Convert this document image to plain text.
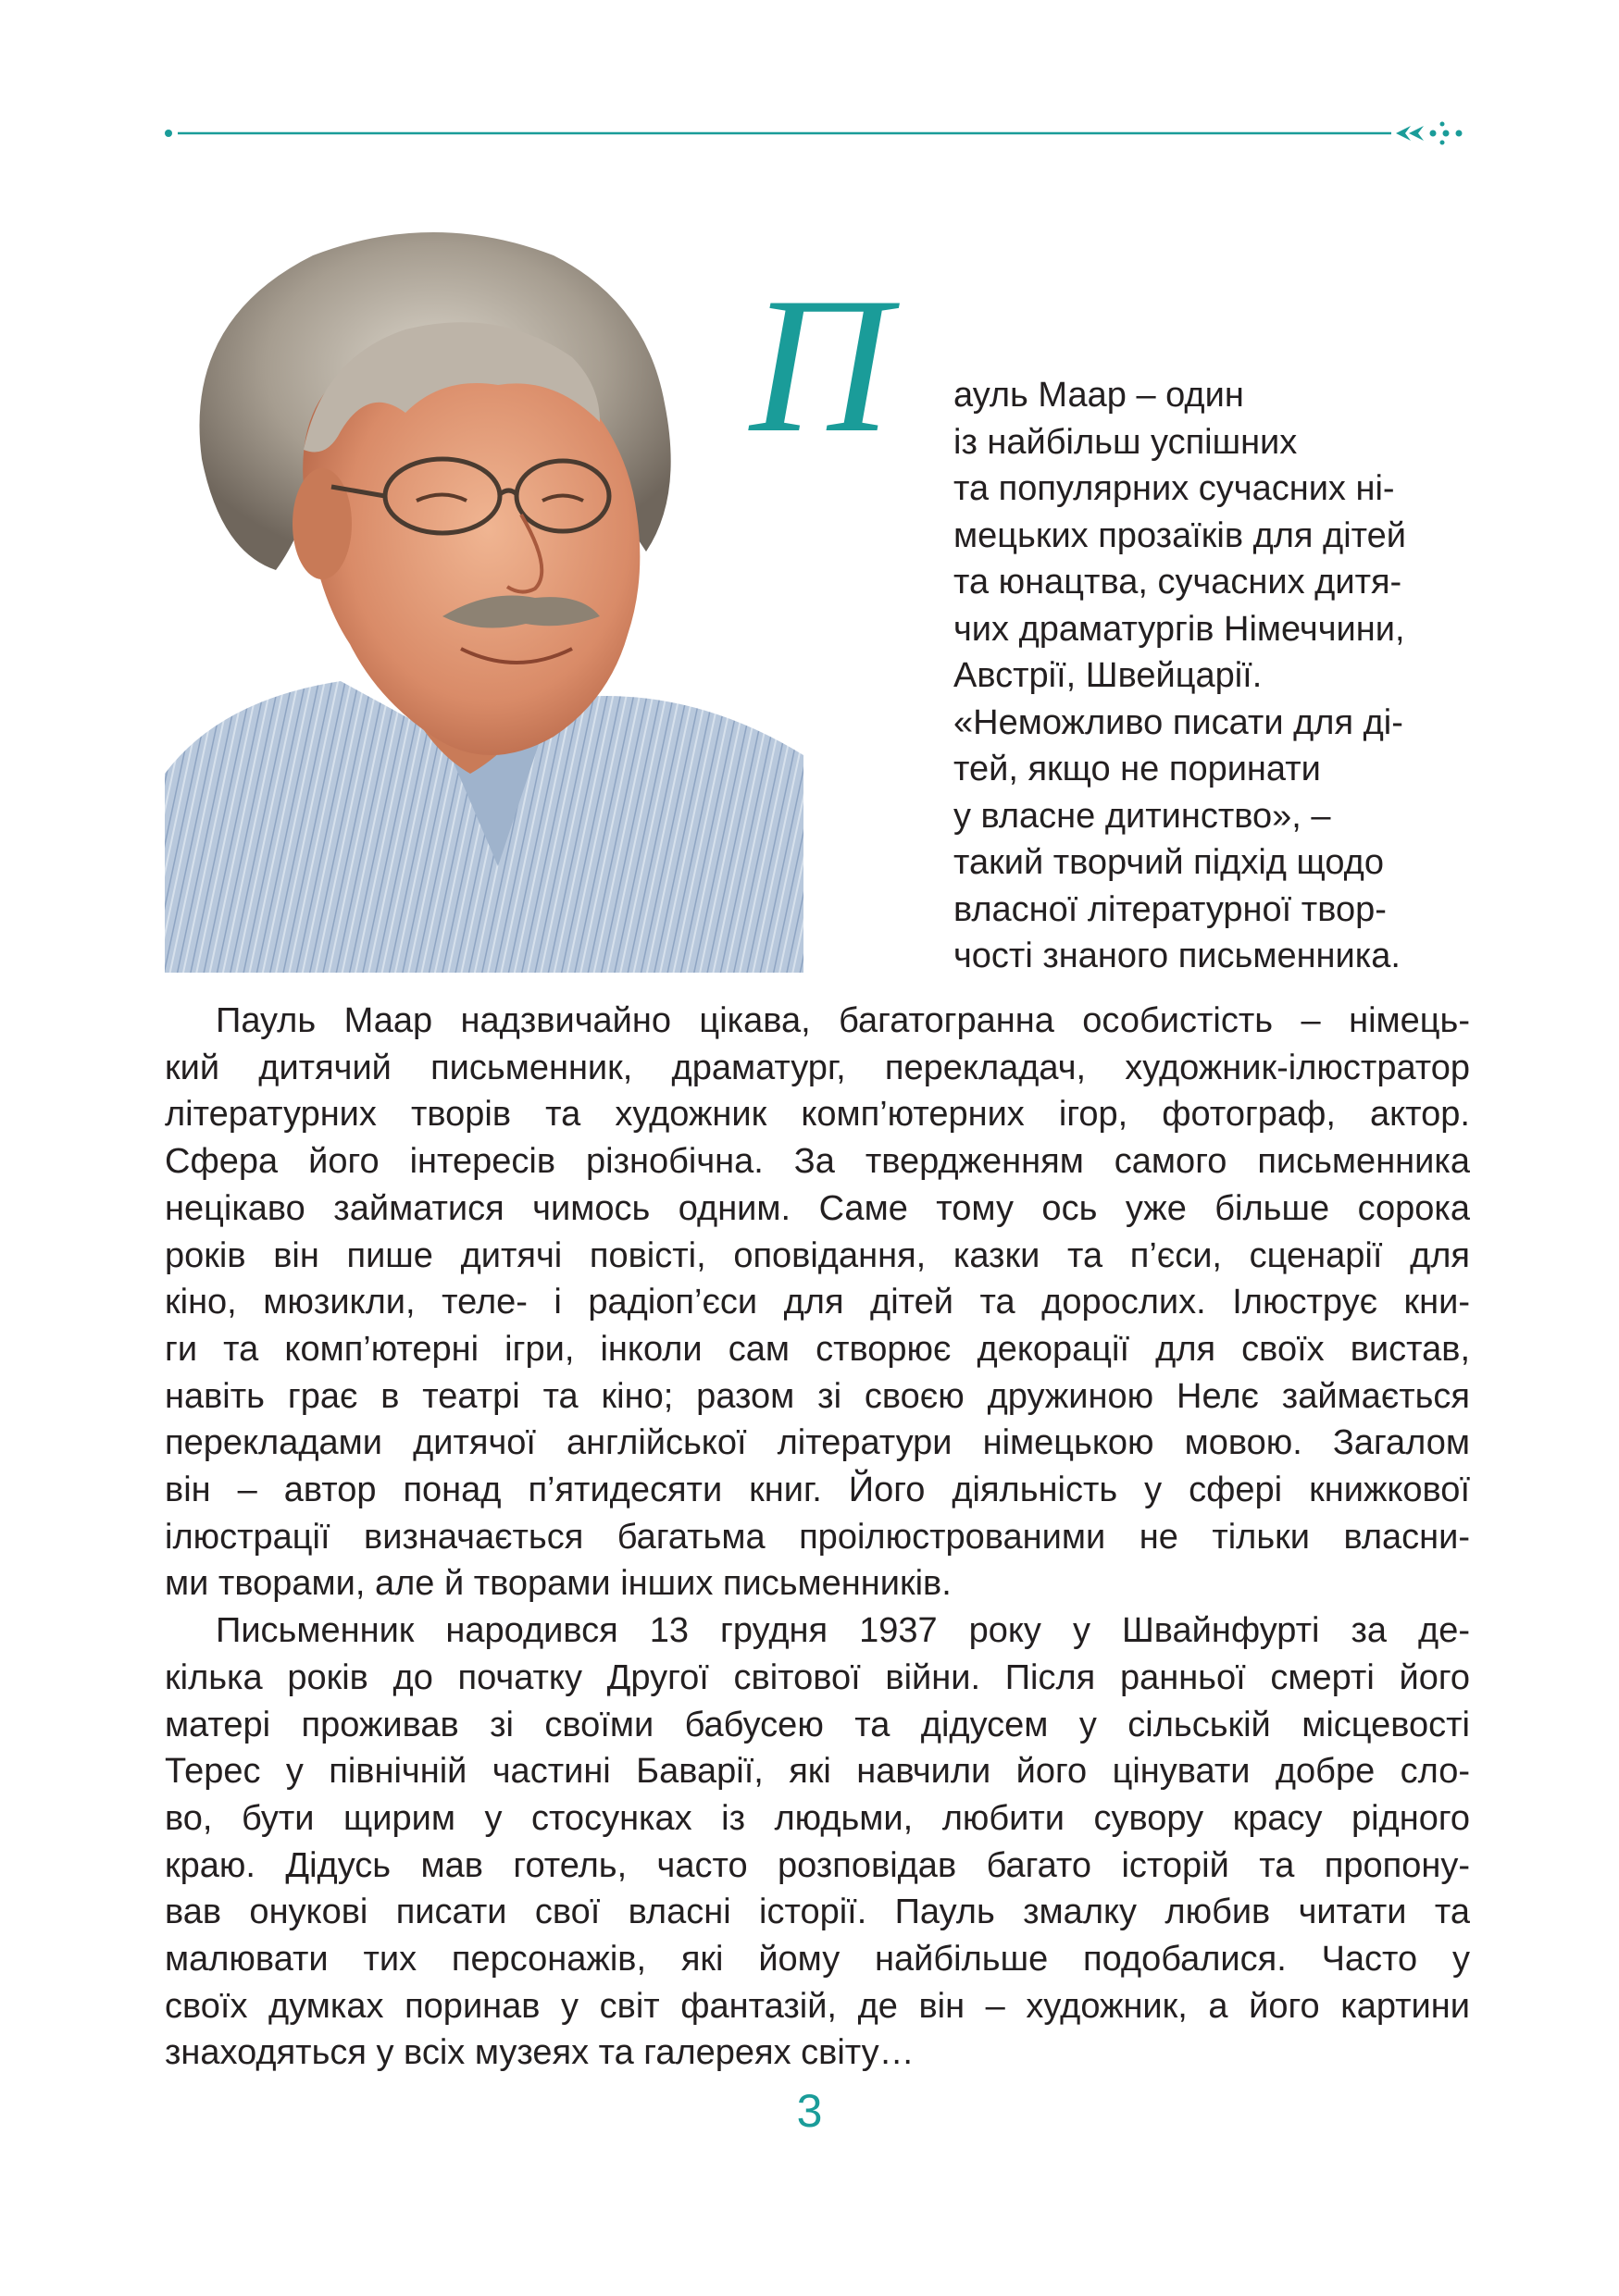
П ауль Маар – один
із найбільш успішних
та популярних сучасних ні-
мецьких прозаїків для дітей
та юнацтва, сучасних дитя-
чих драматургів Німеччини,
Австрії, Швейцарії.
«Неможливо писати для ді-
тей, якщо не поринати
у власне дитинство», –
такий творчий підхід щодо
власної літературної твор-
чості знаного письменника.
Пауль Маар надзвичайно цікава, багатогранна особистість – німець-
кий дитячий письменник, драматург, перекладач, художник-ілюстратор
літературних творів та художник комп’ютерних ігор, фотограф, актор.
Сфера його інтересів різнобічна. За твердженням самого письменника
нецікаво займатися чимось одним. Саме тому ось уже більше сорока
років він пише дитячі повісті, оповідання, казки та п’єси, сценарії для
кіно, мюзикли, теле- і радіоп’єси для дітей та дорослих. Ілюструє кни-
ги та комп’ютерні ігри, інколи сам створює декорації для своїх вистав,
навіть грає в театрі та кіно; разом зі своєю дружиною Нелє займається
перекладами дитячої англійської літератури німецькою мовою. Загалом
він – автор понад п’ятидесяти книг. Його діяльність у сфері книжкової
ілюстрації визначається багатьма проілюстрованими не тільки власни-
ми творами, але й творами інших письменників.
Письменник народився 13 грудня 1937 року у Швайнфурті за де-
кілька років до початку Другої світової війни. Після ранньої смерті його
матері проживав зі своїми бабусею та дідусем у сільській місцевості
Терес у північній частині Баварії, які навчили його цінувати добре сло-
во, бути щирим у стосунках із людьми, любити сувору красу рідного
краю. Дідусь мав готель, часто розповідав багато історій та пропону-
вав онукові писати свої власні історії. Пауль змалку любив читати та
малювати тих персонажів, які йому найбільше подобалися. Часто у
своїх думках поринав у світ фантазій, де він – художник, а його картини
знаходяться у всіх музеях та галереях світу…
3
